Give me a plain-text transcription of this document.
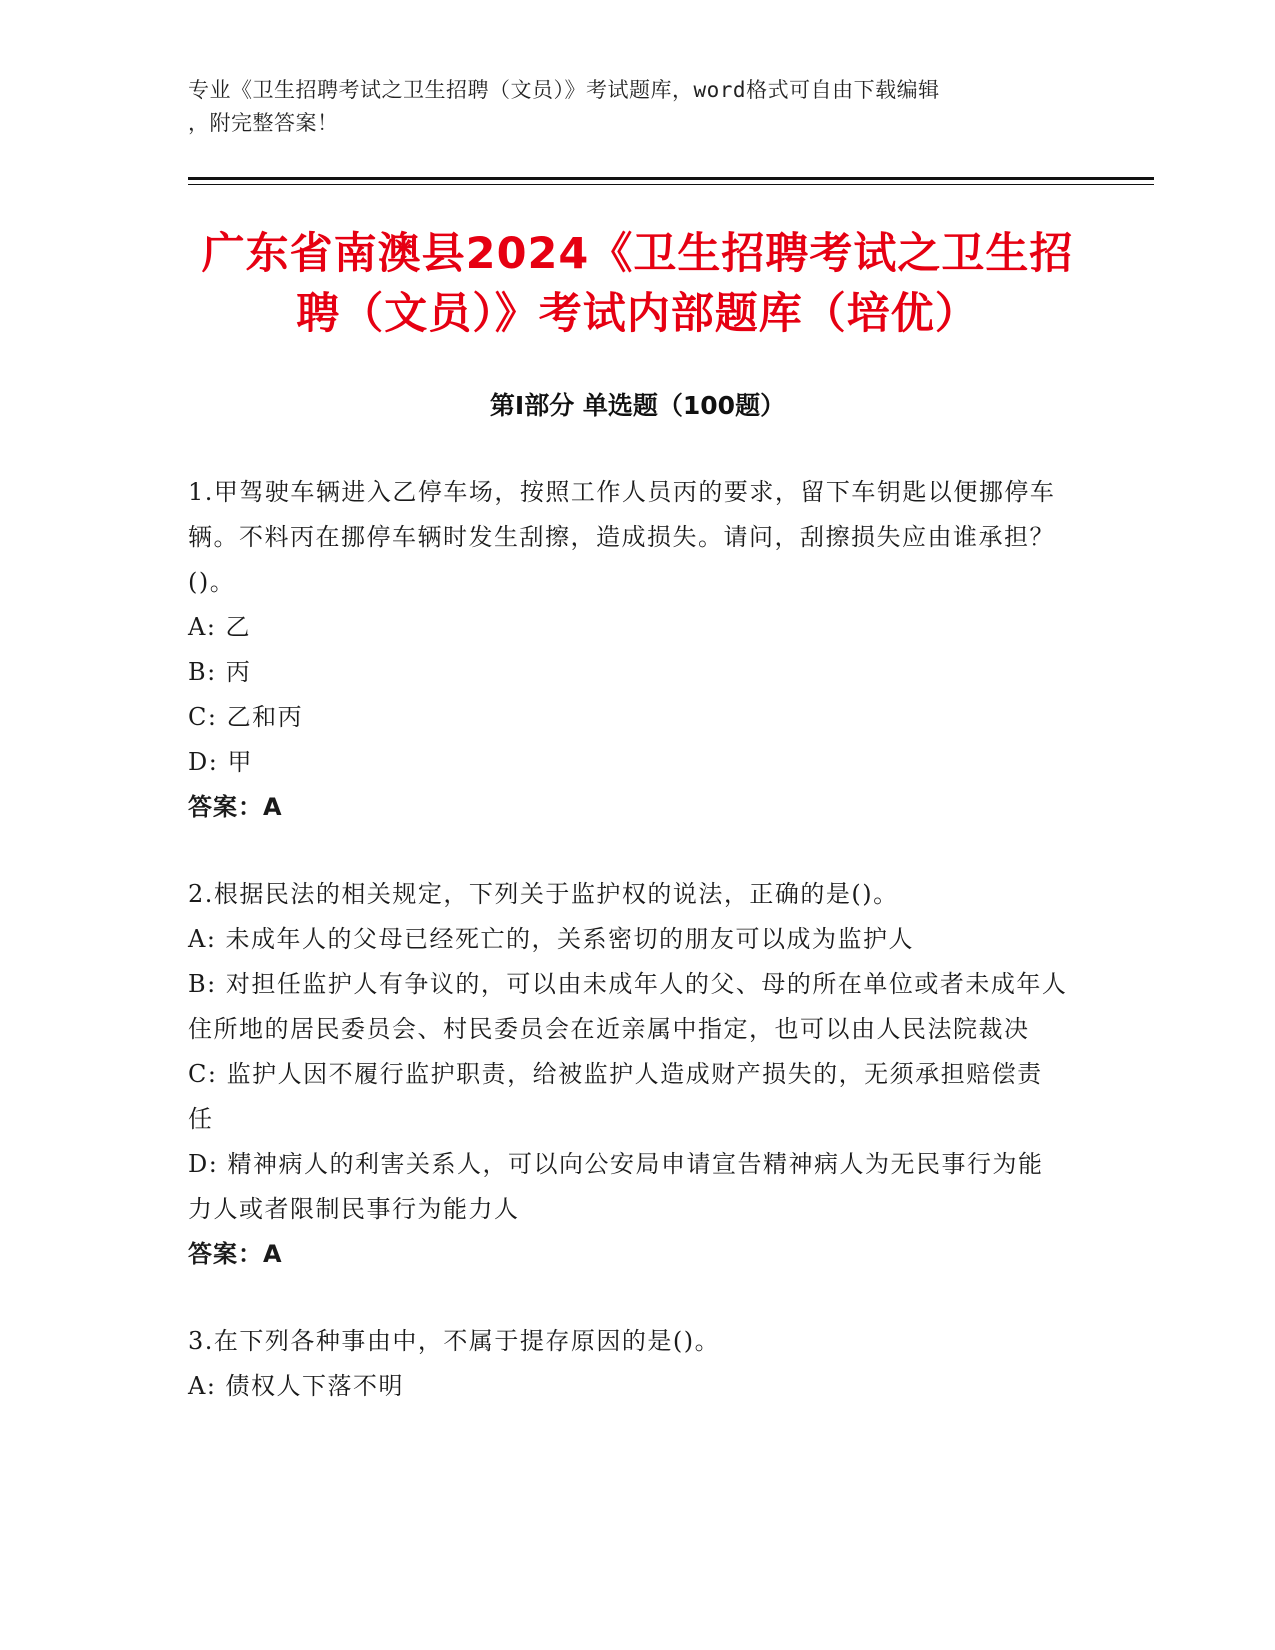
专业《卫生招聘考试之卫生招聘（文员）》考试题库，word格式可自由下载编辑
，附完整答案！
广东省南澳县2024《卫生招聘考试之卫生招
聘（文员）》考试内部题库（培优）
第Ⅰ部分 单选题（100题）

1.甲驾驶车辆进入乙停车场，按照工作人员丙的要求，留下车钥匙以便挪停车辆。不料丙在挪停车辆时发生刮擦，造成损失。请问，刮擦损失应由谁承担？()。

A: 乙

B: 丙

C: 乙和丙

D: 甲

答案：A

2.根据民法的相关规定，下列关于监护权的说法，正确的是()。

A: 未成年人的父母已经死亡的，关系密切的朋友可以成为监护人

B: 对担任监护人有争议的，可以由未成年人的父、母的所在单位或者未成年人住所地的居民委员会、村民委员会在近亲属中指定，也可以由人民法院裁决

C: 监护人因不履行监护职责，给被监护人造成财产损失的，无须承担赔偿责任

D: 精神病人的利害关系人，可以向公安局申请宣告精神病人为无民事行为能力人或者限制民事行为能力人

答案：A

3.在下列各种事由中，不属于提存原因的是()。

A: 债权人下落不明
